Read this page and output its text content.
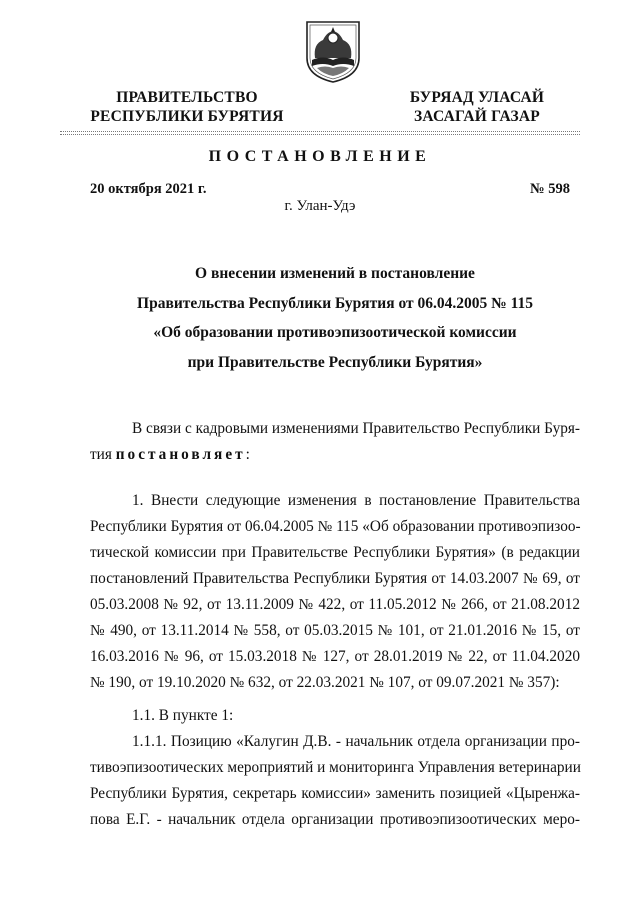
ПРАВИТЕЛЬСТВО
РЕСПУБЛИКИ БУРЯТИЯ
БУРЯАД УЛАСАЙ
ЗАСАГАЙ ГАЗАР
ПОСТАНОВЛЕНИЕ
20 октября 2021 г.	№ 598
г. Улан-Удэ
О внесении изменений в постановление
Правительства Республики Бурятия от 06.04.2005 № 115
«Об образовании противоэпизоотической комиссии
при Правительстве Республики Бурятия»
В связи с кадровыми изменениями Правительство Республики Буря-
тия постановляет:
1. Внести следующие изменения в постановление Правительства
Республики Бурятия от 06.04.2005 № 115 «Об образовании противоэпизоо-
тической комиссии при Правительстве Республики Бурятия» (в редакции
постановлений Правительства Республики Бурятия от 14.03.2007 № 69, от
05.03.2008 № 92, от 13.11.2009 № 422, от 11.05.2012 № 266, от 21.08.2012
№ 490, от 13.11.2014 № 558, от 05.03.2015 № 101, от 21.01.2016 № 15, от
16.03.2016 № 96, от 15.03.2018 № 127, от 28.01.2019 № 22, от 11.04.2020
№ 190, от 19.10.2020 № 632, от 22.03.2021 № 107, от 09.07.2021 № 357):
1.1. В пункте 1:
1.1.1. Позицию «Калугин Д.В. - начальник отдела организации про-
тивоэпизоотических мероприятий и мониторинга Управления ветеринарии
Республики Бурятия, секретарь комиссии» заменить позицией «Цыренжа-
пова Е.Г. - начальник отдела организации противоэпизоотических меро-
